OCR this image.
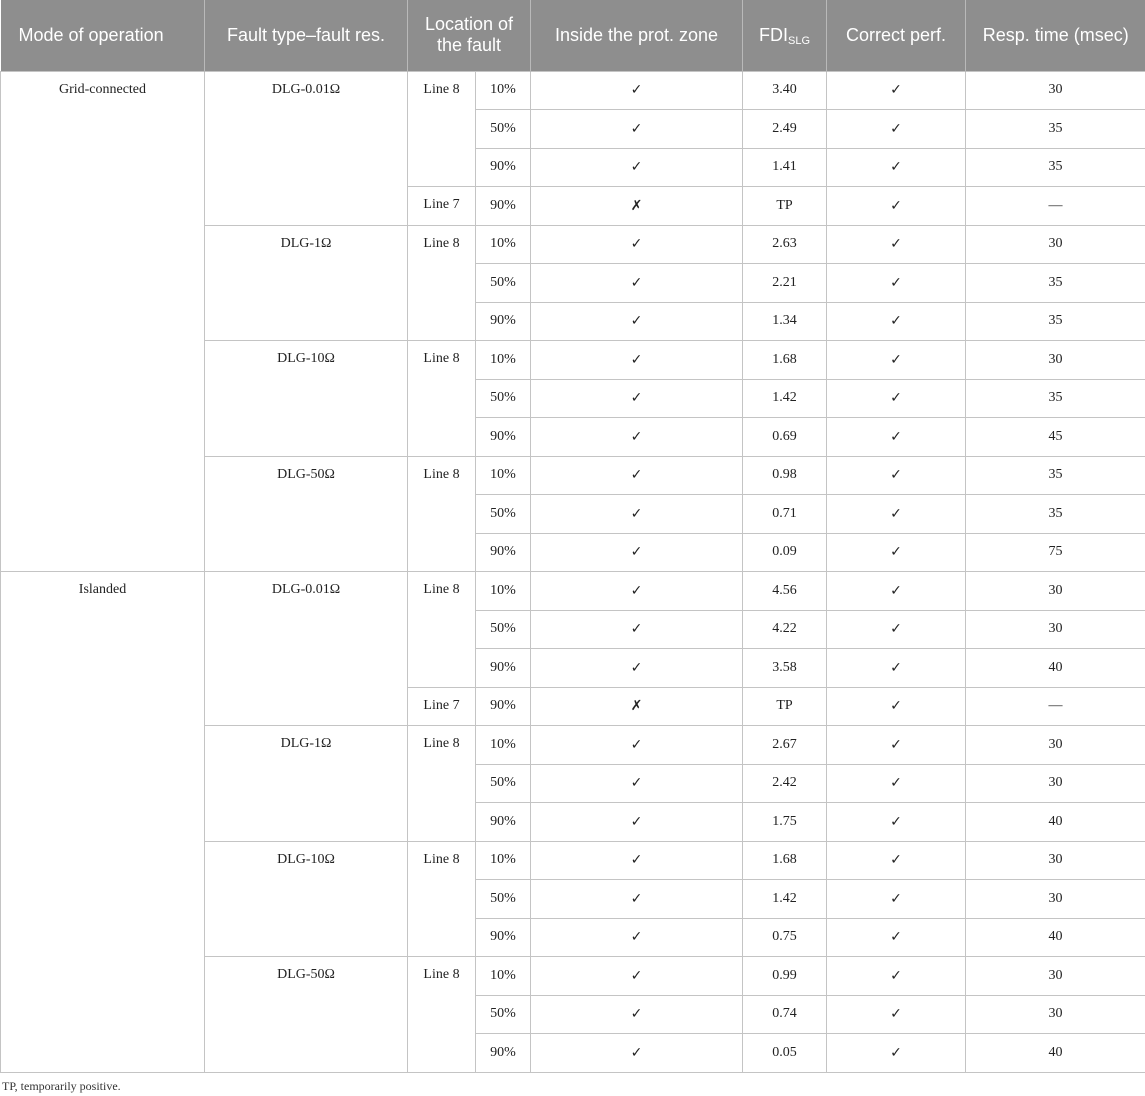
Mode of operation	Fault type–fault res.	Location of the fault		Inside the prot. zone	$FDI_{SLG}$	Correct perf.	Resp. time (msec)
Grid-connected	DLG-0.01Ω	Line 8	10%	✓	3.40	✓	30
			50%	✓	2.49	✓	35
			90%	✓	1.41	✓	35
		Line 7	90%	✗	TP	✓	—
	DLG-1Ω	Line 8	10%	✓	2.63	✓	30
			50%	✓	2.21	✓	35
			90%	✓	1.34	✓	35
	DLG-10Ω	Line 8	10%	✓	1.68	✓	30
			50%	✓	1.42	✓	35
			90%	✓	0.69	✓	45
	DLG-50Ω	Line 8	10%	✓	0.98	✓	35
			50%	✓	0.71	✓	35
			90%	✓	0.09	✓	75
Islanded	DLG-0.01Ω	Line 8	10%	✓	4.56	✓	30
			50%	✓	4.22	✓	30
			90%	✓	3.58	✓	40
		Line 7	90%	✗	TP	✓	—
	DLG-1Ω	Line 8	10%	✓	2.67	✓	30
			50%	✓	2.42	✓	30
			90%	✓	1.75	✓	40
	DLG-10Ω	Line 8	10%	✓	1.68	✓	30
			50%	✓	1.42	✓	30
			90%	✓	0.75	✓	40
	DLG-50Ω	Line 8	10%	✓	0.99	✓	30
			50%	✓	0.74	✓	30
			90%	✓	0.05	✓	40
TP, temporarily positive.
